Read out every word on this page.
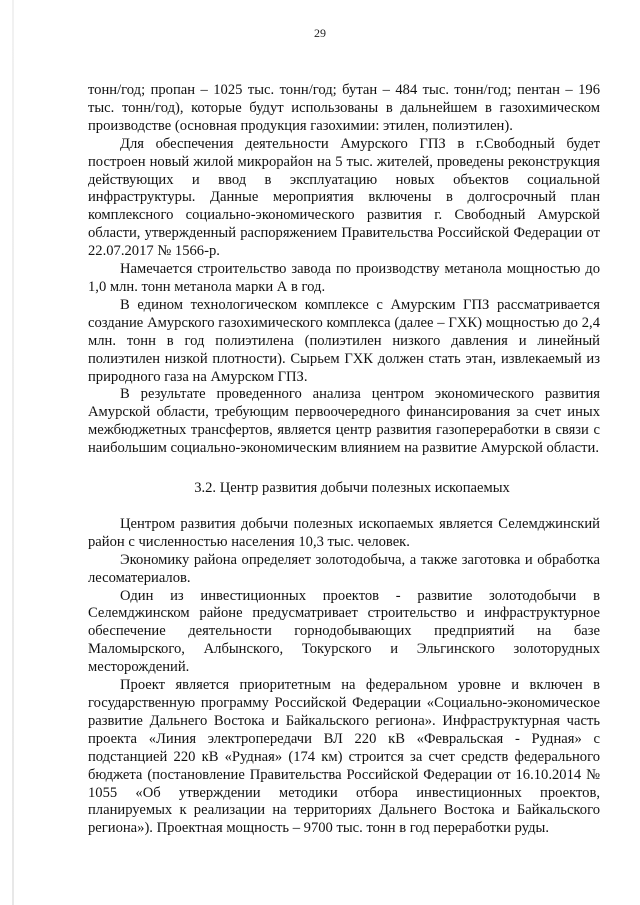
29

тонн/год; пропан – 1025 тыс. тонн/год; бутан – 484 тыс. тонн/год; пентан – 196 тыс. тонн/год), которые будут использованы в дальнейшем в газохимическом производстве (основная продукция газохимии: этилен, полиэтилен).

Для обеспечения деятельности Амурского ГПЗ в г.Свободный будет построен новый жилой микрорайон на 5 тыс. жителей, проведены реконструкция действующих и ввод в эксплуатацию новых объектов социальной инфраструктуры. Данные мероприятия включены в долгосрочный план комплексного социально-экономического развития г. Свободный Амурской области, утвержденный распоряжением Правительства Российской Федерации от 22.07.2017 № 1566-р.

Намечается строительство завода по производству метанола мощностью до 1,0 млн. тонн метанола марки А в год.

В едином технологическом комплексе с Амурским ГПЗ рассматривается создание Амурского газохимического комплекса (далее – ГХК) мощностью до 2,4 млн. тонн в год полиэтилена (полиэтилен низкого давления и линейный полиэтилен низкой плотности). Сырьем ГХК должен стать этан, извлекаемый из природного газа на Амурском ГПЗ.

В результате проведенного анализа центром экономического развития Амурской области, требующим первоочередного финансирования за счет иных межбюджетных трансфертов, является центр развития газопереработки в связи с наибольшим социально-экономическим влиянием на развитие Амурской области.

3.2. Центр развития добычи полезных ископаемых

Центром развития добычи полезных ископаемых является Селемджинский район с численностью населения 10,3 тыс. человек.

Экономику района определяет золотодобыча, а также заготовка и обработка лесоматериалов.

Один из инвестиционных проектов - развитие золотодобычи в Селемджинском районе предусматривает строительство и инфраструктурное обеспечение деятельности горнодобывающих предприятий на базе Маломырского, Албынского, Токурского и Эльгинского золоторудных месторождений.

Проект является приоритетным на федеральном уровне и включен в государственную программу Российской Федерации «Социально-экономическое развитие Дальнего Востока и Байкальского региона». Инфраструктурная часть проекта «Линия электропередачи ВЛ 220 кВ «Февральская - Рудная» с подстанцией 220 кВ «Рудная» (174 км) строится за счет средств федерального бюджета (постановление Правительства Российской Федерации от 16.10.2014 № 1055 «Об утверждении методики отбора инвестиционных проектов, планируемых к реализации на территориях Дальнего Востока и Байкальского региона»). Проектная мощность – 9700 тыс. тонн в год переработки руды.
